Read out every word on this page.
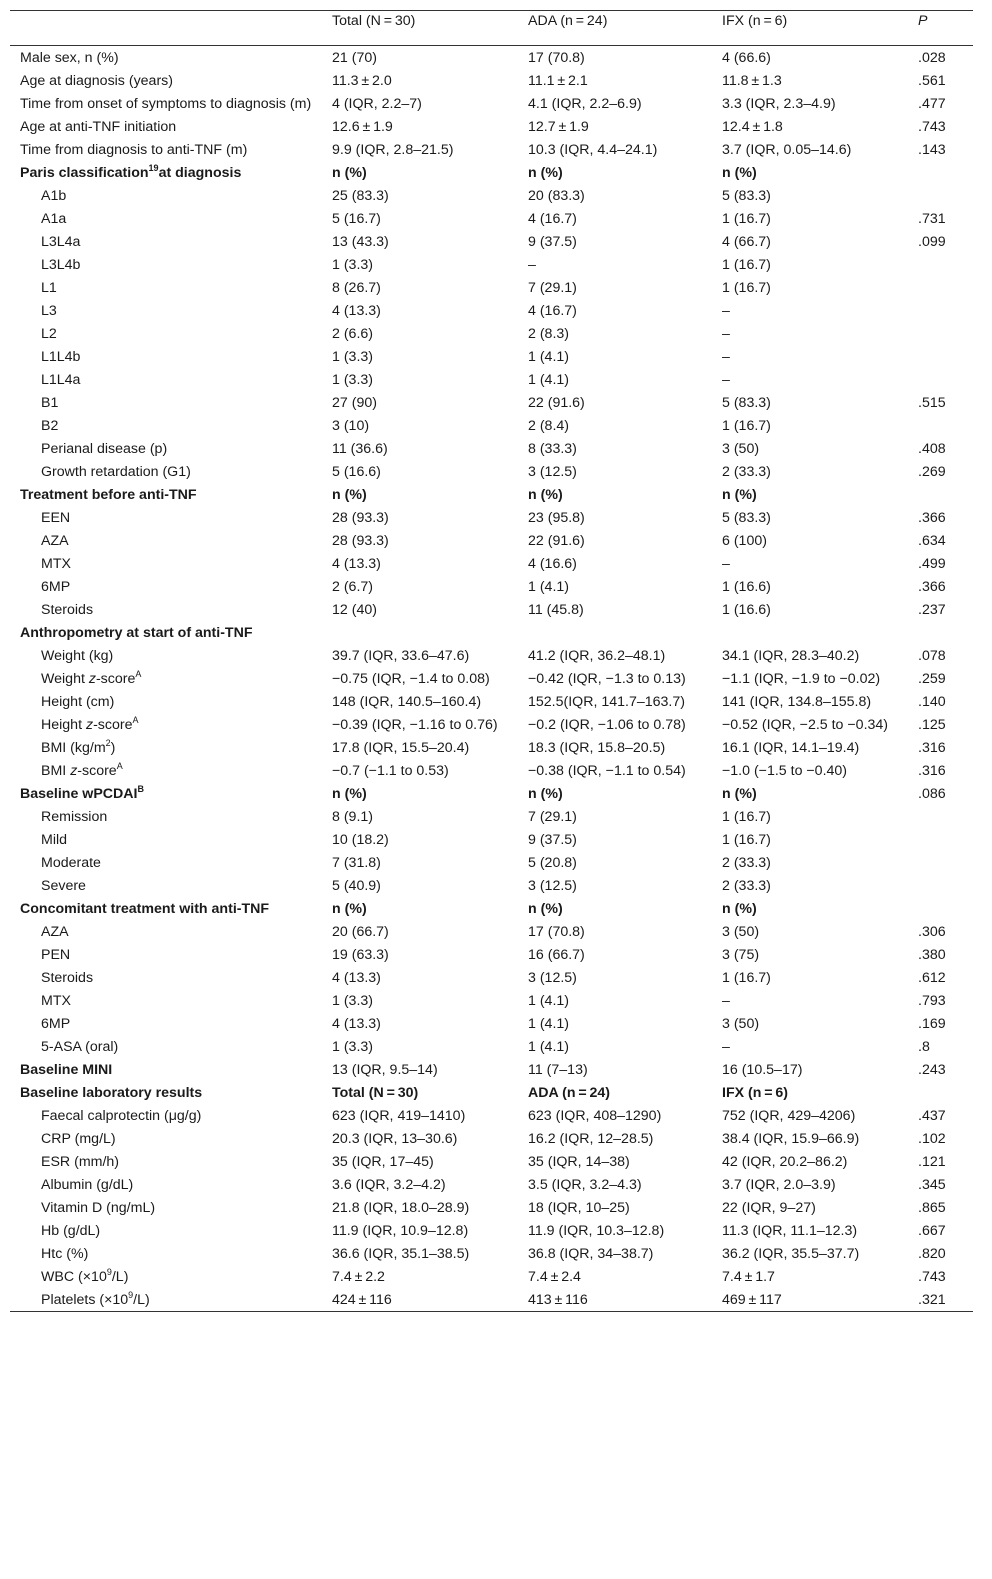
	Total (N = 30)	ADA (n = 24)	IFX (n = 6)	P
Male sex, n (%)	21 (70)	17 (70.8)	4 (66.6)	.028
Age at diagnosis (years)	11.3 ± 2.0	11.1 ± 2.1	11.8 ± 1.3	.561
Time from onset of symptoms to diagnosis (m)	4 (IQR, 2.2–7)	4.1 (IQR, 2.2–6.9)	3.3 (IQR, 2.3–4.9)	.477
Age at anti-TNF initiation	12.6 ± 1.9	12.7 ± 1.9	12.4 ± 1.8	.743
Time from diagnosis to anti-TNF (m)	9.9 (IQR, 2.8–21.5)	10.3 (IQR, 4.4–24.1)	3.7 (IQR, 0.05–14.6)	.143
Paris classification$^{19}$at diagnosis	n (%)	n (%)	n (%)	
A1b	25 (83.3)	20 (83.3)	5 (83.3)	
A1a	5 (16.7)	4 (16.7)	1 (16.7)	.731
L3L4a	13 (43.3)	9 (37.5)	4 (66.7)	.099
L3L4b	1 (3.3)	–	1 (16.7)	
L1	8 (26.7)	7 (29.1)	1 (16.7)	
L3	4 (13.3)	4 (16.7)	–	
L2	2 (6.6)	2 (8.3)	–	
L1L4b	1 (3.3)	1 (4.1)	–	
L1L4a	1 (3.3)	1 (4.1)	–	
B1	27 (90)	22 (91.6)	5 (83.3)	.515
B2	3 (10)	2 (8.4)	1 (16.7)	
Perianal disease (p)	11 (36.6)	8 (33.3)	3 (50)	.408
Growth retardation (G1)	5 (16.6)	3 (12.5)	2 (33.3)	.269
Treatment before anti-TNF	n (%)	n (%)	n (%)	
EEN	28 (93.3)	23 (95.8)	5 (83.3)	.366
AZA	28 (93.3)	22 (91.6)	6 (100)	.634
MTX	4 (13.3)	4 (16.6)	–	.499
6MP	2 (6.7)	1 (4.1)	1 (16.6)	.366
Steroids	12 (40)	11 (45.8)	1 (16.6)	.237
Anthropometry at start of anti-TNF				
Weight (kg)	39.7 (IQR, 33.6–47.6)	41.2 (IQR, 36.2–48.1)	34.1 (IQR, 28.3–40.2)	.078
Weight z-score$^A$	−0.75 (IQR, −1.4 to 0.08)	−0.42 (IQR, −1.3 to 0.13)	−1.1 (IQR, −1.9 to −0.02)	.259
Height (cm)	148 (IQR, 140.5–160.4)	152.5(IQR, 141.7–163.7)	141 (IQR, 134.8–155.8)	.140
Height z-score$^A$	−0.39 (IQR, −1.16 to 0.76)	−0.2 (IQR, −1.06 to 0.78)	−0.52 (IQR, −2.5 to −0.34)	.125
BMI $(kg/m^2)$	17.8 (IQR, 15.5–20.4)	18.3 (IQR, 15.8–20.5)	16.1 (IQR, 14.1–19.4)	.316
BMI z-score$^A$	−0.7 (−1.1 to 0.53)	−0.38 (IQR, −1.1 to 0.54)	−1.0 (−1.5 to −0.40)	.316
Baseline wPCDAI$^B$	n (%)	n (%)	n (%)	.086
Remission	8 (9.1)	7 (29.1)	1 (16.7)	
Mild	10 (18.2)	9 (37.5)	1 (16.7)	
Moderate	7 (31.8)	5 (20.8)	2 (33.3)	
Severe	5 (40.9)	3 (12.5)	2 (33.3)	
Concomitant treatment with anti-TNF	n (%)	n (%)	n (%)	
AZA	20 (66.7)	17 (70.8)	3 (50)	.306
PEN	19 (63.3)	16 (66.7)	3 (75)	.380
Steroids	4 (13.3)	3 (12.5)	1 (16.7)	.612
MTX	1 (3.3)	1 (4.1)	–	.793
6MP	4 (13.3)	1 (4.1)	3 (50)	.169
5-ASA (oral)	1 (3.3)	1 (4.1)	–	.8
Baseline MINI	13 (IQR, 9.5–14)	11 (7–13)	16 (10.5–17)	.243
Baseline laboratory results	Total (N = 30)	ADA (n = 24)	IFX (n = 6)	
Faecal calprotectin (μg/g)	623 (IQR, 419–1410)	623 (IQR, 408–1290)	752 (IQR, 429–4206)	.437
CRP (mg/L)	20.3 (IQR, 13–30.6)	16.2 (IQR, 12–28.5)	38.4 (IQR, 15.9–66.9)	.102
ESR (mm/h)	35 (IQR, 17–45)	35 (IQR, 14–38)	42 (IQR, 20.2–86.2)	.121
Albumin (g/dL)	3.6 (IQR, 3.2–4.2)	3.5 (IQR, 3.2–4.3)	3.7 (IQR, 2.0–3.9)	.345
Vitamin D (ng/mL)	21.8 (IQR, 18.0–28.9)	18 (IQR, 10–25)	22 (IQR, 9–27)	.865
Hb (g/dL)	11.9 (IQR, 10.9–12.8)	11.9 (IQR, 10.3–12.8)	11.3 (IQR, 11.1–12.3)	.667
Htc (%)	36.6 (IQR, 35.1–38.5)	36.8 (IQR, 34–38.7)	36.2 (IQR, 35.5–37.7)	.820
WBC $(\times 10^9/L)$	7.4 ± 2.2	7.4 ± 2.4	7.4 ± 1.7	.743
Platelets $(\times 10^9/L)$	424 ± 116	413 ± 116	469 ± 117	.321
